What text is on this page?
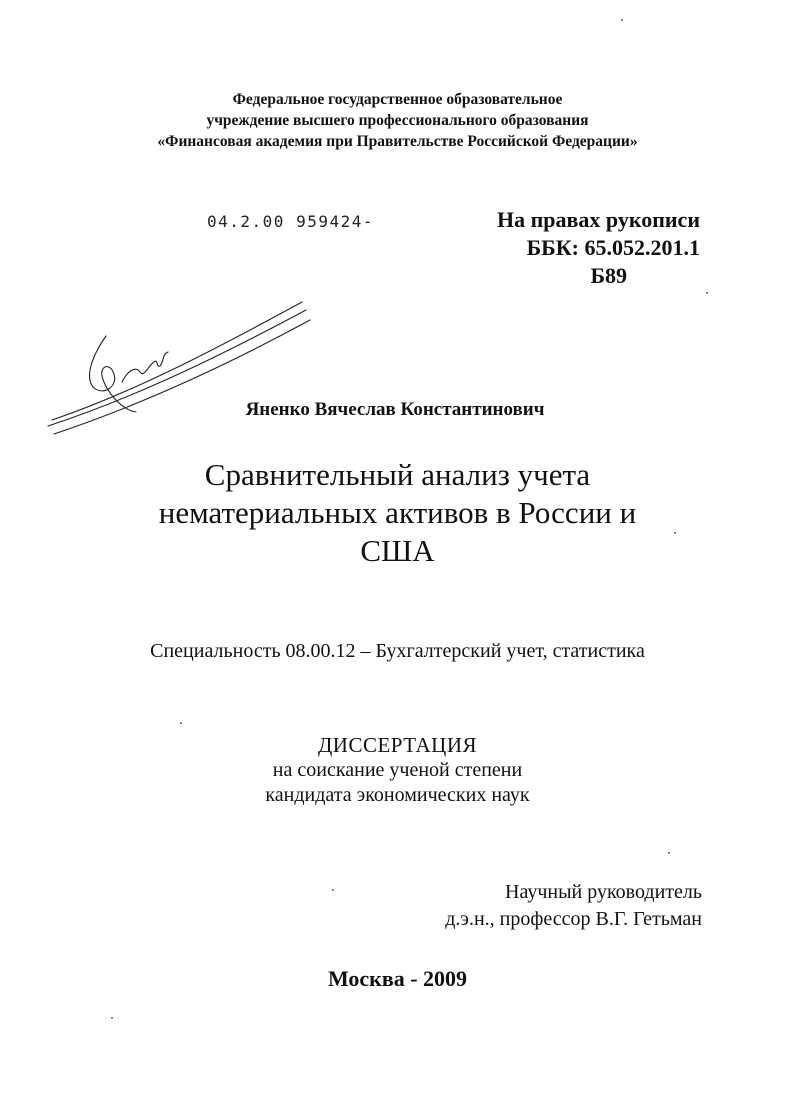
Федеральное государственное образовательное
учреждение высшего профессионального образования
«Финансовая академия при Правительстве Российской Федерации»
04.2.00 959424-	На правах рукописи
ББК: 65.052.201.1
Б89
Яненко Вячеслав Константинович
Сравнительный анализ учета
нематериальных активов в России и
США
Специальность 08.00.12 – Бухгалтерский учет, статистика
ДИССЕРТАЦИЯ
на соискание ученой степени
кандидата экономических наук
Научный руководитель
д.э.н., профессор В.Г. Гетьман
Москва - 2009
